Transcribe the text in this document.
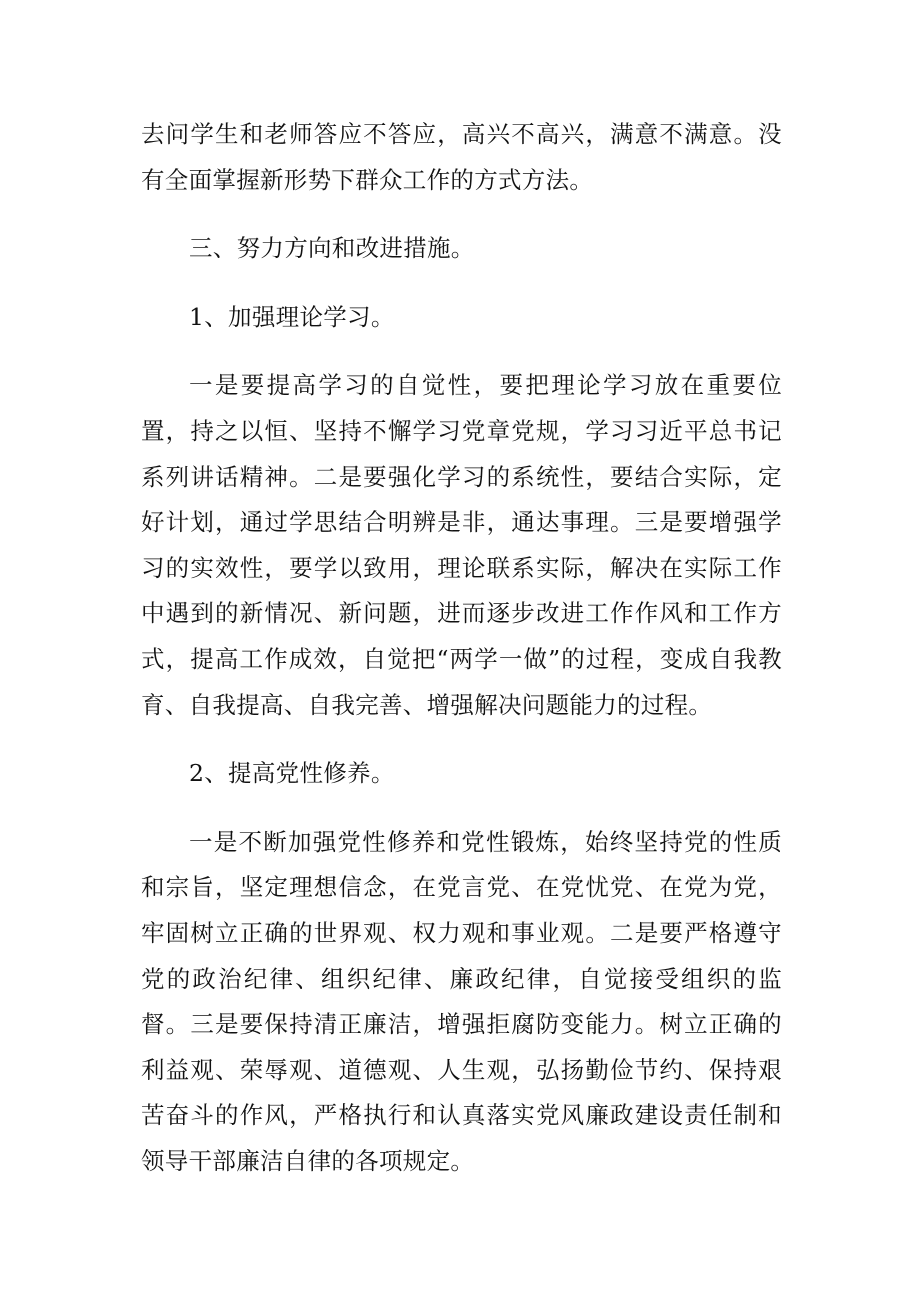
去问学生和老师答应不答应，高兴不高兴，满意不满意。没有全面掌握新形势下群众工作的方式方法。

三、努力方向和改进措施。

1、加强理论学习。

一是要提高学习的自觉性，要把理论学习放在重要位置，持之以恒、坚持不懈学习党章党规，学习习近平总书记系列讲话精神。二是要强化学习的系统性，要结合实际，定好计划，通过学思结合明辨是非，通达事理。三是要增强学习的实效性，要学以致用，理论联系实际，解决在实际工作中遇到的新情况、新问题，进而逐步改进工作作风和工作方式，提高工作成效，自觉把“两学一做”的过程，变成自我教育、自我提高、自我完善、增强解决问题能力的过程。

2、提高党性修养。

一是不断加强党性修养和党性锻炼，始终坚持党的性质和宗旨，坚定理想信念，在党言党、在党忧党、在党为党，牢固树立正确的世界观、权力观和事业观。二是要严格遵守党的政治纪律、组织纪律、廉政纪律，自觉接受组织的监督。三是要保持清正廉洁，增强拒腐防变能力。树立正确的利益观、荣辱观、道德观、人生观，弘扬勤俭节约、保持艰苦奋斗的作风，严格执行和认真落实党风廉政建设责任制和领导干部廉洁自律的各项规定。
